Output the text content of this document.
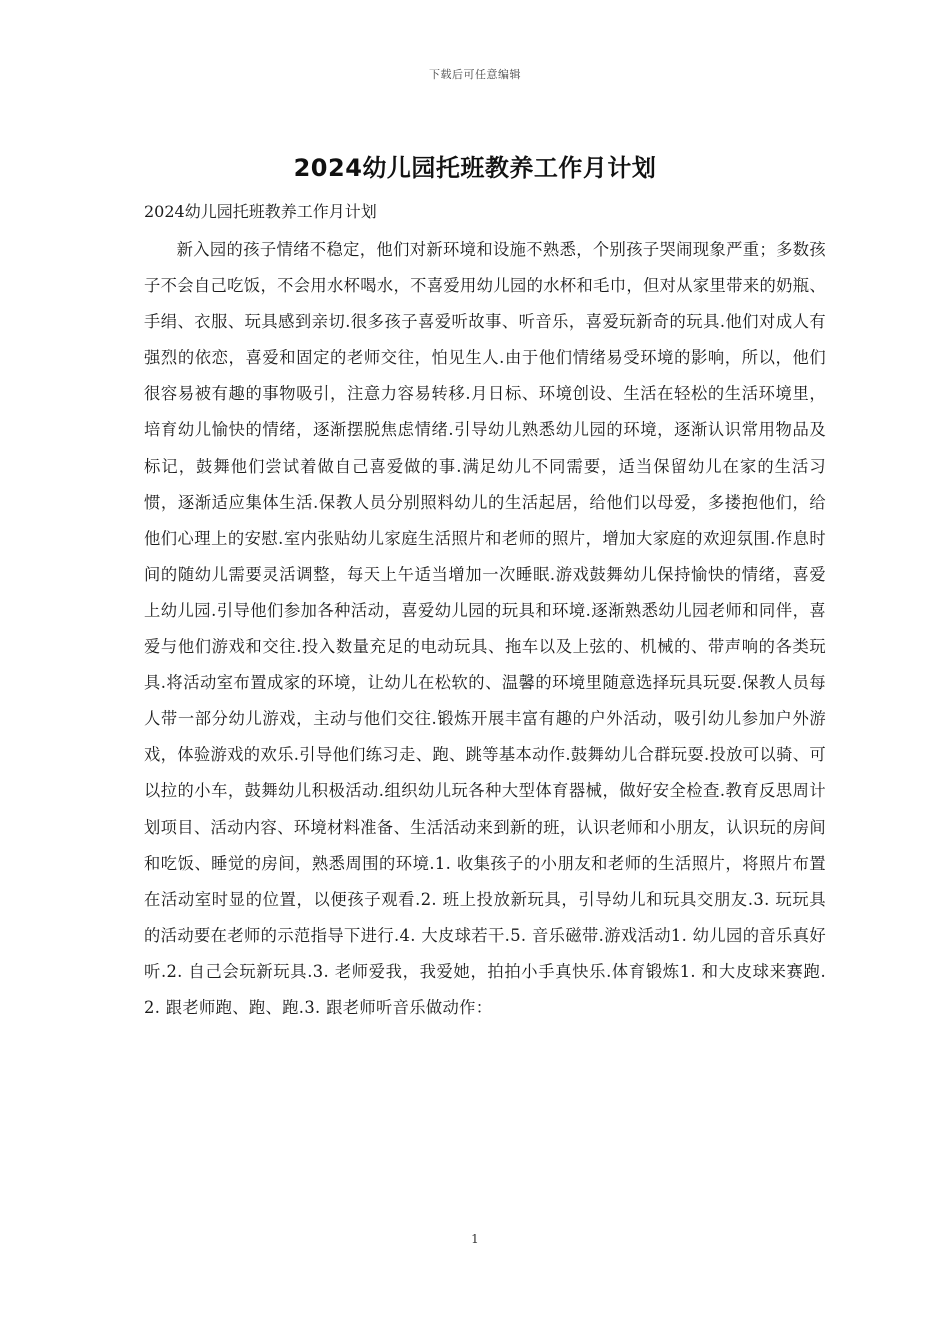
下载后可任意编辑
2024幼儿园托班教养工作月计划

2024幼儿园托班教养工作月计划

新入园的孩子情绪不稳定，他们对新环境和设施不熟悉，个别孩子哭闹现象严重；多数孩子不会自己吃饭，不会用水杯喝水，不喜爱用幼儿园的水杯和毛巾，但对从家里带来的奶瓶、手绢、衣服、玩具感到亲切.很多孩子喜爱听故事、听音乐，喜爱玩新奇的玩具.他们对成人有强烈的依恋，喜爱和固定的老师交往，怕见生人.由于他们情绪易受环境的影响，所以，他们很容易被有趣的事物吸引，注意力容易转移.月日标、环境创设、生活在轻松的生活环境里，培育幼儿愉快的情绪，逐渐摆脱焦虑情绪.引导幼儿熟悉幼儿园的环境，逐渐认识常用物品及标记，鼓舞他们尝试着做自己喜爱做的事.满足幼儿不同需要，适当保留幼儿在家的生活习惯，逐渐适应集体生活.保教人员分别照料幼儿的生活起居，给他们以母爱，多搂抱他们，给他们心理上的安慰.室内张贴幼儿家庭生活照片和老师的照片，增加大家庭的欢迎氛围.作息时间的随幼儿需要灵活调整，每天上午适当增加一次睡眠.游戏鼓舞幼儿保持愉快的情绪，喜爱上幼儿园.引导他们参加各种活动，喜爱幼儿园的玩具和环境.逐渐熟悉幼儿园老师和同伴，喜爱与他们游戏和交往.投入数量充足的电动玩具、拖车以及上弦的、机械的、带声响的各类玩具.将活动室布置成家的环境，让幼儿在松软的、温馨的环境里随意选择玩具玩耍.保教人员每人带一部分幼儿游戏，主动与他们交往.锻炼开展丰富有趣的户外活动，吸引幼儿参加户外游戏，体验游戏的欢乐.引导他们练习走、跑、跳等基本动作.鼓舞幼儿合群玩耍.投放可以骑、可以拉的小车，鼓舞幼儿积极活动.组织幼儿玩各种大型体育器械，做好安全检查.教育反思周计划项目、活动内容、环境材料准备、生活活动来到新的班，认识老师和小朋友，认识玩的房间和吃饭、睡觉的房间，熟悉周围的环境.1. 收集孩子的小朋友和老师的生活照片，将照片布置在活动室时显的位置，以便孩子观看.2. 班上投放新玩具，引导幼儿和玩具交朋友.3. 玩玩具的活动要在老师的示范指导下进行.4. 大皮球若干.5. 音乐磁带.游戏活动1. 幼儿园的音乐真好听.2. 自己会玩新玩具.3. 老师爱我，我爱她，拍拍小手真快乐.体育锻炼1. 和大皮球来赛跑.2. 跟老师跑、跑、跑.3. 跟老师听音乐做动作：

1
